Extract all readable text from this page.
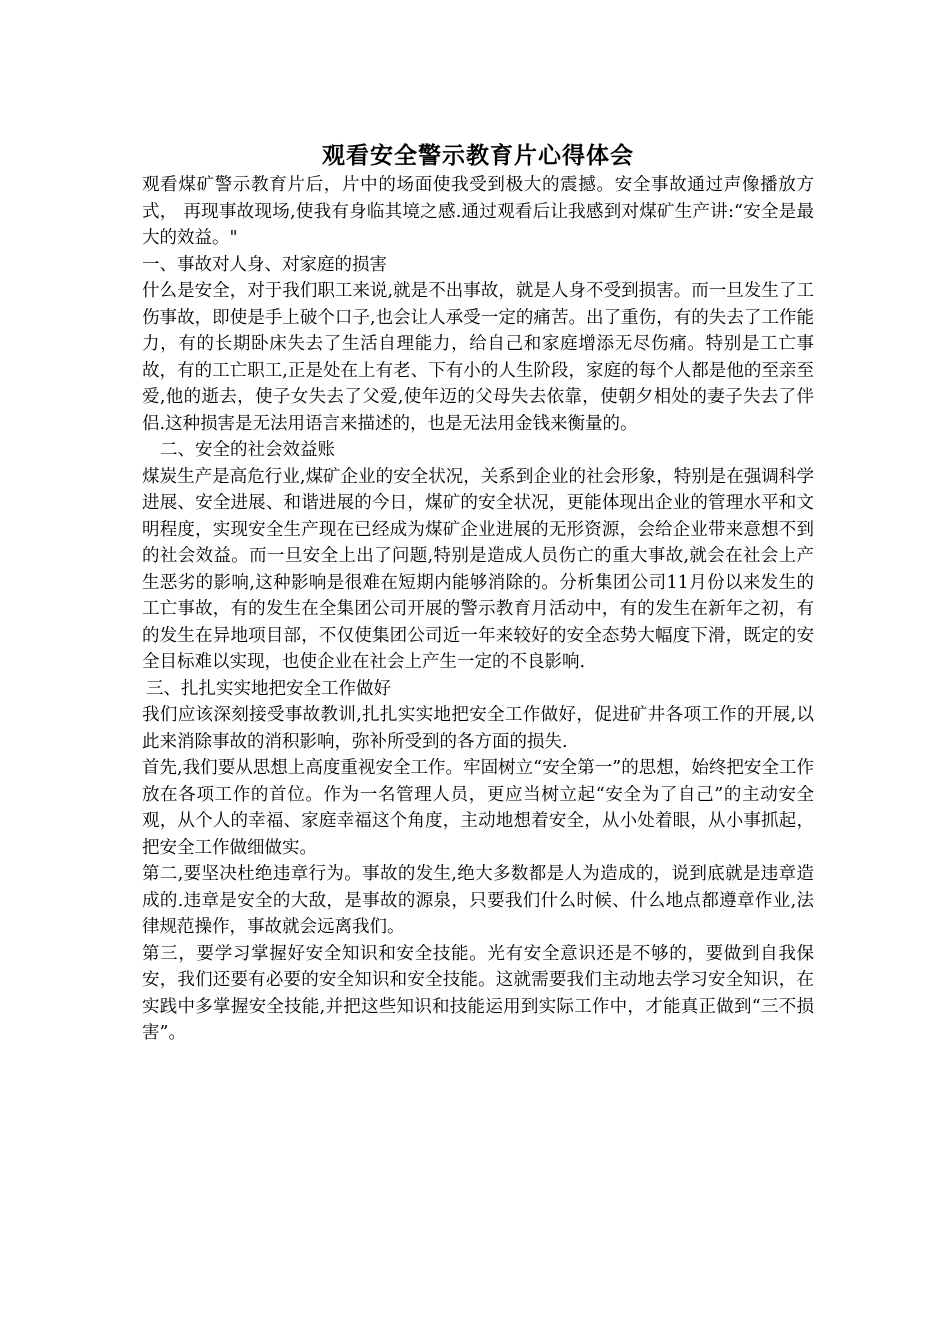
观看安全警示教育片心得体会

观看煤矿警示教育片后，片中的场面使我受到极大的震撼。安全事故通过声像播放方式， 再现事故现场,使我有身临其境之感.通过观看后让我感到对煤矿生产讲:“安全是最大的效益。"

一、事故对人身、对家庭的损害

什么是安全，对于我们职工来说,就是不出事故，就是人身不受到损害。而一旦发生了工伤事故，即使是手上破个口子,也会让人承受一定的痛苦。出了重伤，有的失去了工作能力，有的长期卧床失去了生活自理能力，给自己和家庭增添无尽伤痛。特别是工亡事故，有的工亡职工,正是处在上有老、下有小的人生阶段，家庭的每个人都是他的至亲至爱,他的逝去，使子女失去了父爱,使年迈的父母失去依靠，使朝夕相处的妻子失去了伴侣.这种损害是无法用语言来描述的，也是无法用金钱来衡量的。

二、安全的社会效益账

煤炭生产是高危行业,煤矿企业的安全状况，关系到企业的社会形象，特别是在强调科学进展、安全进展、和谐进展的今日，煤矿的安全状况，更能体现出企业的管理水平和文明程度，实现安全生产现在已经成为煤矿企业进展的无形资源，会给企业带来意想不到的社会效益。而一旦安全上出了问题,特别是造成人员伤亡的重大事故,就会在社会上产生恶劣的影响,这种影响是很难在短期内能够消除的。分析集团公司11月份以来发生的工亡事故，有的发生在全集团公司开展的警示教育月活动中，有的发生在新年之初，有的发生在异地项目部，不仅使集团公司近一年来较好的安全态势大幅度下滑，既定的安全目标难以实现，也使企业在社会上产生一定的不良影响.

三、扎扎实实地把安全工作做好

我们应该深刻接受事故教训,扎扎实实地把安全工作做好，促进矿井各项工作的开展,以此来消除事故的消积影响，弥补所受到的各方面的损失.

首先,我们要从思想上高度重视安全工作。牢固树立“安全第一”的思想，始终把安全工作放在各项工作的首位。作为一名管理人员，更应当树立起“安全为了自己”的主动安全观，从个人的幸福、家庭幸福这个角度，主动地想着安全，从小处着眼，从小事抓起，把安全工作做细做实。

第二,要坚决杜绝违章行为。事故的发生,绝大多数都是人为造成的，说到底就是违章造成的.违章是安全的大敌，是事故的源泉，只要我们什么时候、什么地点都遵章作业,法律规范操作，事故就会远离我们。

第三，要学习掌握好安全知识和安全技能。光有安全意识还是不够的，要做到自我保安，我们还要有必要的安全知识和安全技能。这就需要我们主动地去学习安全知识，在实践中多掌握安全技能,并把这些知识和技能运用到实际工作中，才能真正做到“三不损害”。
